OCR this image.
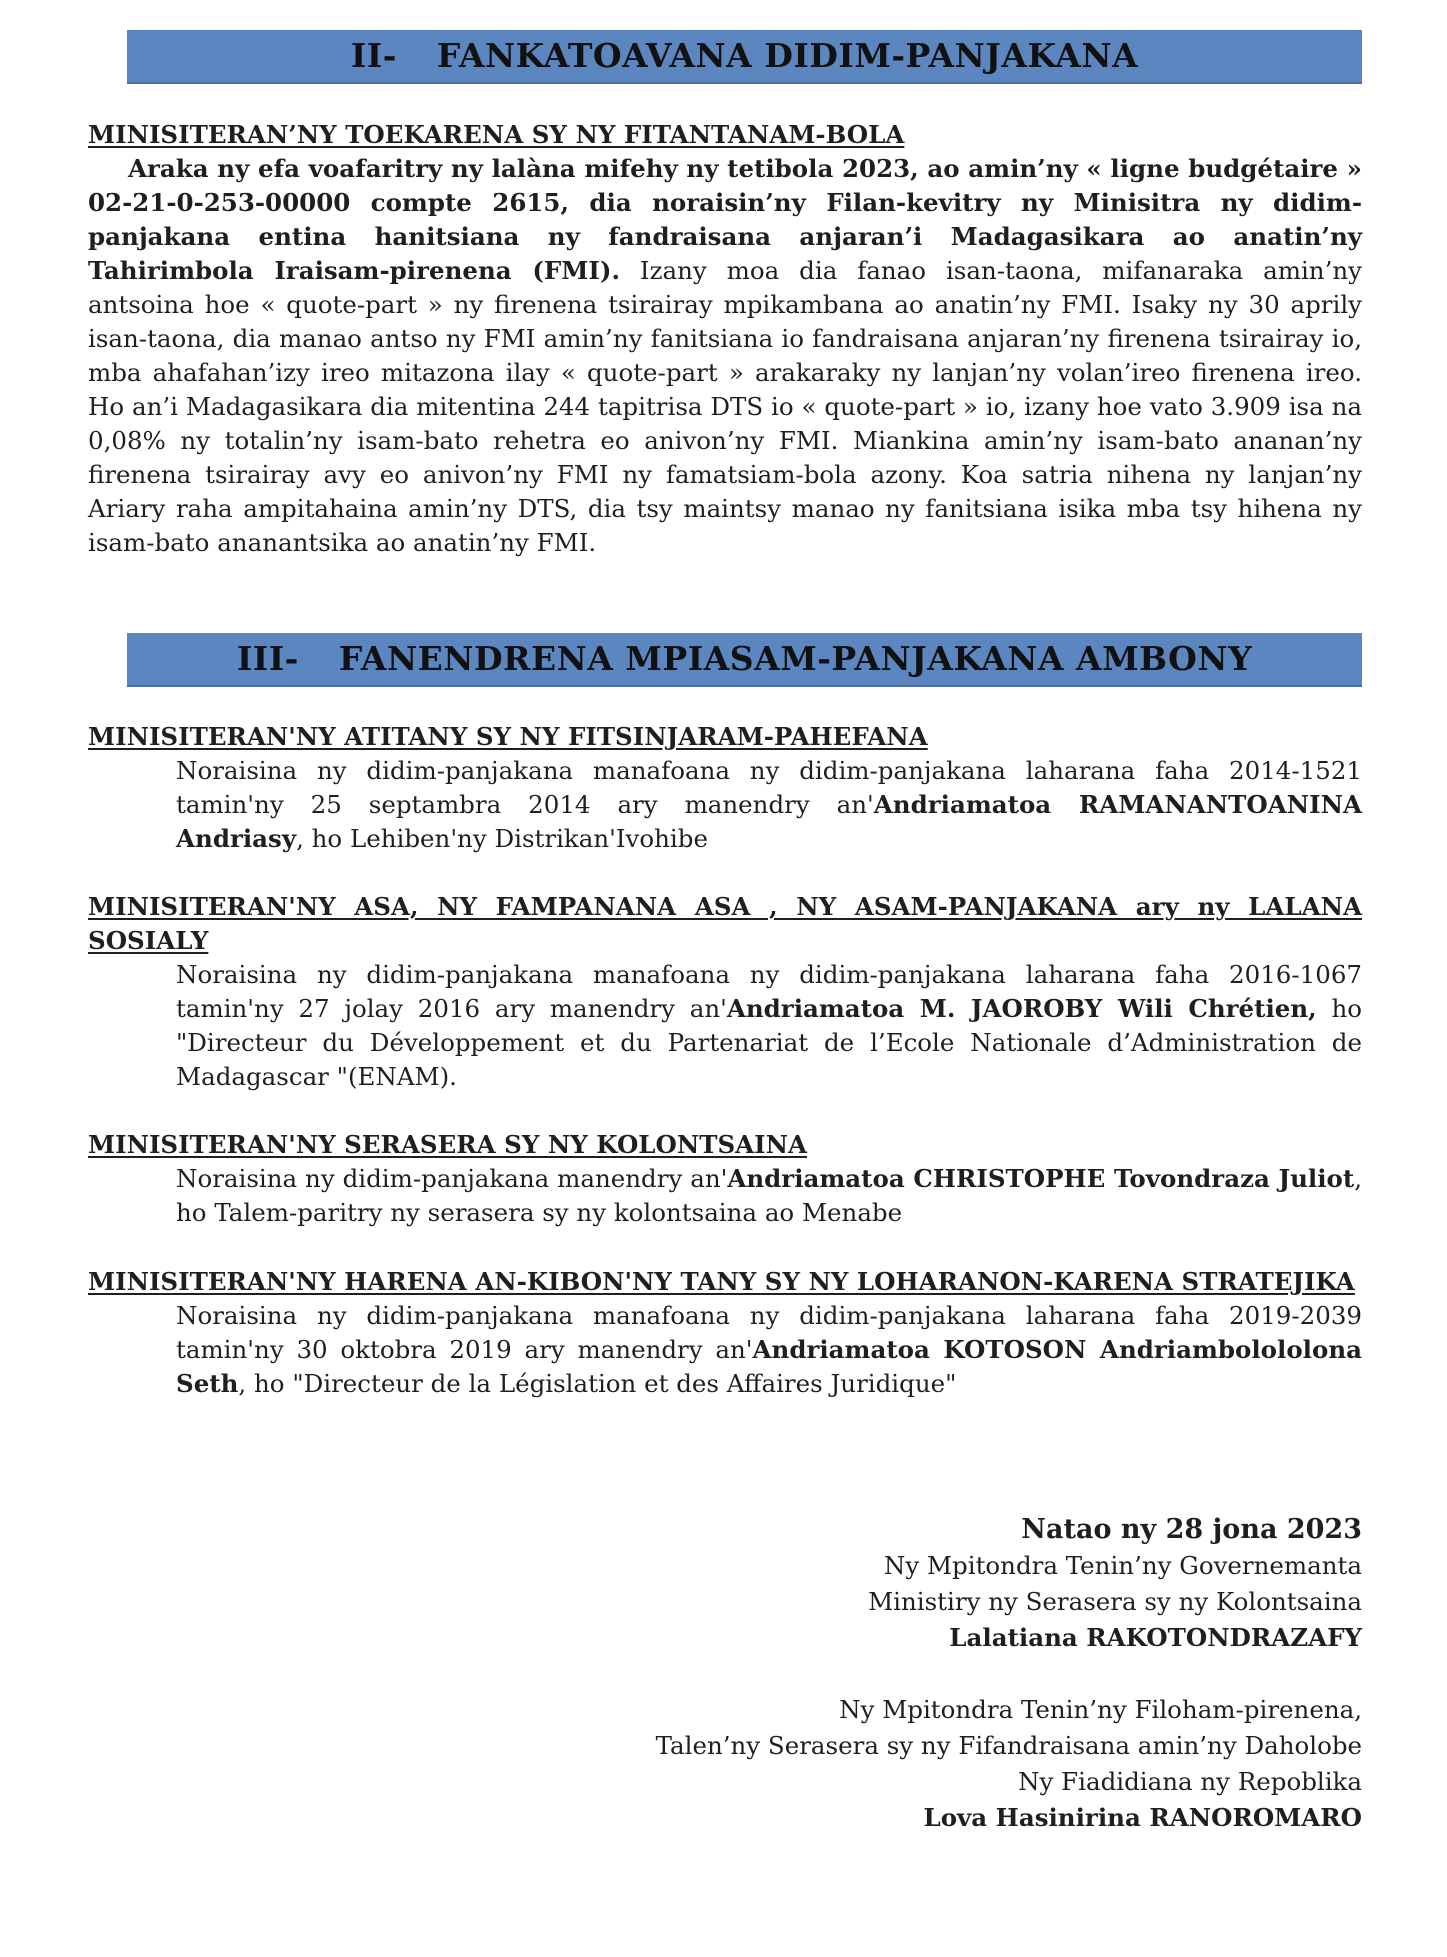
II- FANKATOAVANA DIDIM-PANJAKANA
MINISITERAN’NY TOEKARENA SY NY FITANTANAM-BOLA
Araka ny efa voafaritry ny lalàna mifehy ny tetibola 2023, ao amin’ny « ligne budgétaire » 02-21-0-253-00000 compte 2615, dia noraisin’ny Filan-kevitry ny Minisitra ny didim-panjakana entina hanitsiana ny fandraisana anjaran’i Madagasikara ao anatin’ny Tahirimbola Iraisam-pirenena (FMI). Izany moa dia fanao isan-taona, mifanaraka amin’ny antsoina hoe « quote-part » ny firenena tsirairay mpikambana ao anatin’ny FMI. Isaky ny 30 aprily isan-taona, dia manao antso ny FMI amin’ny fanitsiana io fandraisana anjaran’ny firenena tsirairay io, mba ahafahan’izy ireo mitazona ilay « quote-part » arakaraky ny lanjan’ny volan’ireo firenena ireo. Ho an’i Madagasikara dia mitentina 244 tapitrisa DTS io « quote-part » io, izany hoe vato 3.909 isa na 0,08% ny totalin’ny isam-bato rehetra eo anivon’ny FMI. Miankina amin’ny isam-bato ananan’ny firenena tsirairay avy eo anivon’ny FMI ny famatsiam-bola azony. Koa satria nihena ny lanjan’ny Ariary raha ampitahaina amin’ny DTS, dia tsy maintsy manao ny fanitsiana isika mba tsy hihena ny isam-bato ananantsika ao anatin’ny FMI.
III- FANENDRENA MPIASAM-PANJAKANA AMBONY
MINISITERAN'NY ATITANY SY NY FITSINJARAM-PAHEFANA
Noraisina ny didim-panjakana manafoana ny didim-panjakana laharana faha 2014-1521 tamin'ny 25 septambra 2014 ary manendry an'Andriamatoa RAMANANTOANINA Andriasy, ho Lehiben'ny Distrikan'Ivohibe
MINISITERAN'NY ASA, NY FAMPANANA ASA , NY ASAM-PANJAKANA ary ny LALANA SOSIALY
Noraisina ny didim-panjakana manafoana ny didim-panjakana laharana faha 2016-1067 tamin'ny 27 jolay 2016 ary manendry an'Andriamatoa M. JAOROBY Wili Chrétien, ho "Directeur du Développement et du Partenariat de l’Ecole Nationale d’Administration de Madagascar "(ENAM).
MINISITERAN'NY SERASERA SY NY KOLONTSAINA
Noraisina ny didim-panjakana manendry an'Andriamatoa CHRISTOPHE Tovondraza Juliot, ho Talem-paritry ny serasera sy ny kolontsaina ao Menabe
MINISITERAN'NY HARENA AN-KIBON'NY TANY SY NY LOHARANON-KARENA STRATEJIKA
Noraisina ny didim-panjakana manafoana ny didim-panjakana laharana faha 2019-2039 tamin'ny 30 oktobra 2019 ary manendry an'Andriamatoa KOTOSON Andriambolololona Seth, ho "Directeur de la Législation et des Affaires Juridique"
Natao ny 28 jona 2023
Ny Mpitondra Tenin’ny Governemanta
Ministiry ny Serasera sy ny Kolontsaina
Lalatiana RAKOTONDRAZAFY
Ny Mpitondra Tenin’ny Filoham-pirenena,
Talen’ny Serasera sy ny Fifandraisana amin’ny Daholobe
Ny Fiadidiana ny Repoblika
Lova Hasinirina RANOROMARO
